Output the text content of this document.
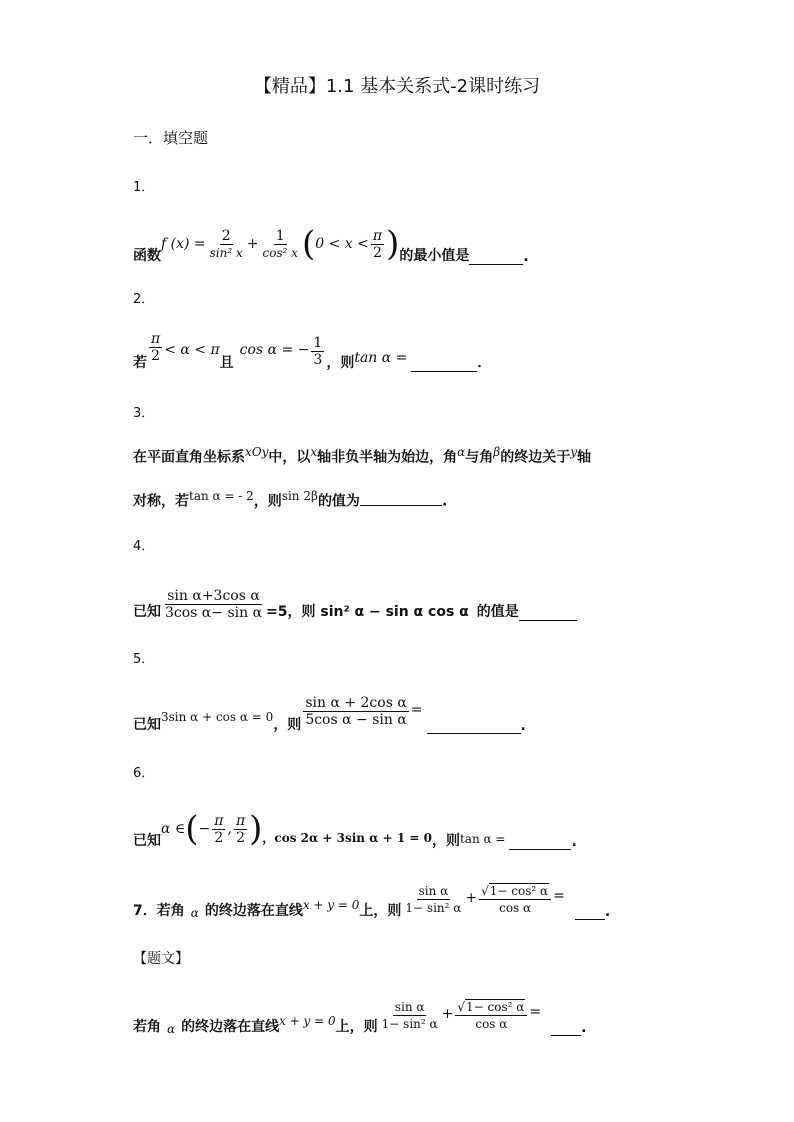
【精品】1.1 基本关系式-2课时练习
一．填空题
1．
函数
f $(x) = \frac{2}{\text{sin² x}} + \frac{1}{\text{cos² x}}$ ( $0 < x < \frac{\pi}{2}$ ) 的最小值是	.
2．
若 $\frac{\pi}{2} < \alpha < \pi$
且
cos α = − $\frac{1}{3}$ ，则 tan α =	．
3．
在平面直角坐标系$^{xOy}$中，以$^x$轴非负半轴为始边，角$^\alpha$与角$^\beta$的终边关于$^y$轴
对称，若$^{tan \alpha = - 2}$，则$^{sin 2\beta}$的值为	.
4．
已知 $\frac{\text{sin α+3cos α}}{\text{3cos α− sin α}} =5$，则 sin² α − sin α cos α 的值是
5．
已知 3sin α + cos α = 0 ，则 $\frac{\text{sin α + 2cos α}}{\text{5cos α − sin α}}$ =
.
6．
已知
α ∈ ( − $\frac{\pi}{2}$ , $\frac{\pi}{2}$ ) ，cos 2α + 3sin α + 1 = 0 ，则 tan α =	.
7．若角 α 的终边落在直线 x + y = 0 上，则 $\frac{\text{sin α}}{\text{1− sin² α}} + \frac{\text{√1− cos² α}}{\text{cos α}}$ =
.
【题文】
若角 α 的终边落在直线 x + y = 0 上，则 $\frac{\text{sin α}}{\text{1− sin² α}} + \frac{\text{√1− cos² α}}{\text{cos α}}$ =
.
